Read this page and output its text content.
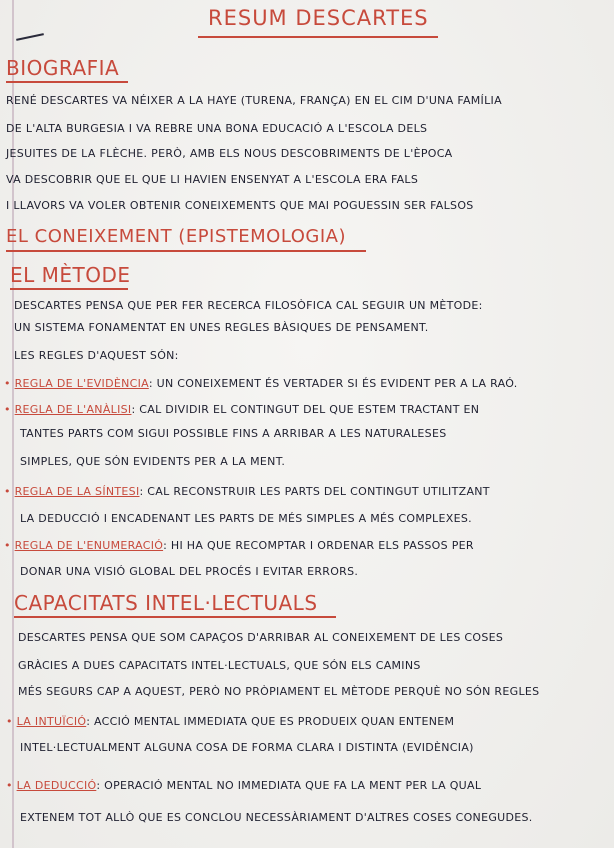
RESUM DESCARTES
BIOGRAFIA
RENÉ DESCARTES VA NÉIXER A LA HAYE (TURENA, FRANÇA) EN EL CIM D'UNA FAMÍLIA
DE L'ALTA BURGESIA I VA REBRE UNA BONA EDUCACIÓ A L'ESCOLA DELS
JESUITES DE LA FLÈCHE. PERÒ, AMB ELS NOUS DESCOBRIMENTS DE L'ÈPOCA
VA DESCOBRIR QUE EL QUE LI HAVIEN ENSENYAT A L'ESCOLA ERA FALS
I LLAVORS VA VOLER OBTENIR CONEIXEMENTS QUE MAI POGUESSIN SER FALSOS
EL CONEIXEMENT (EPISTEMOLOGIA)
EL MÈTODE
DESCARTES PENSA QUE PER FER RECERCA FILOSÒFICA CAL SEGUIR UN MÈTODE:
UN SISTEMA FONAMENTAT EN UNES REGLES BÀSIQUES DE PENSAMENT.
LES REGLES D'AQUEST SÓN:
• REGLA DE L'EVIDÈNCIA: UN CONEIXEMENT ÉS VERTADER SI ÉS EVIDENT PER A LA RAÓ.
• REGLA DE L'ANÀLISI: CAL DIVIDIR EL CONTINGUT DEL QUE ESTEM TRACTANT EN
TANTES PARTS COM SIGUI POSSIBLE FINS A ARRIBAR A LES NATURALESES
SIMPLES, QUE SÓN EVIDENTS PER A LA MENT.
• REGLA DE LA SÍNTESI: CAL RECONSTRUIR LES PARTS DEL CONTINGUT UTILITZANT
LA DEDUCCIÓ I ENCADENANT LES PARTS DE MÉS SIMPLES A MÉS COMPLEXES.
• REGLA DE L'ENUMERACIÓ: HI HA QUE RECOMPTAR I ORDENAR ELS PASSOS PER
DONAR UNA VISIÓ GLOBAL DEL PROCÉS I EVITAR ERRORS.
CAPACITATS INTEL·LECTUALS
DESCARTES PENSA QUE SOM CAPAÇOS D'ARRIBAR AL CONEIXEMENT DE LES COSES
GRÀCIES A DUES CAPACITATS INTEL·LECTUALS, QUE SÓN ELS CAMINS
MÉS SEGURS CAP A AQUEST, PERÒ NO PRÒPIAMENT EL MÈTODE PERQUÈ NO SÓN REGLES
• LA INTUÏCIÓ: ACCIÓ MENTAL IMMEDIATA QUE ES PRODUEIX QUAN ENTENEM
INTEL·LECTUALMENT ALGUNA COSA DE FORMA CLARA I DISTINTA (EVIDÈNCIA)
• LA DEDUCCIÓ: OPERACIÓ MENTAL NO IMMEDIATA QUE FA LA MENT PER LA QUAL
EXTENEM TOT ALLÒ QUE ES CONCLOU NECESSÀRIAMENT D'ALTRES COSES CONEGUDES.
